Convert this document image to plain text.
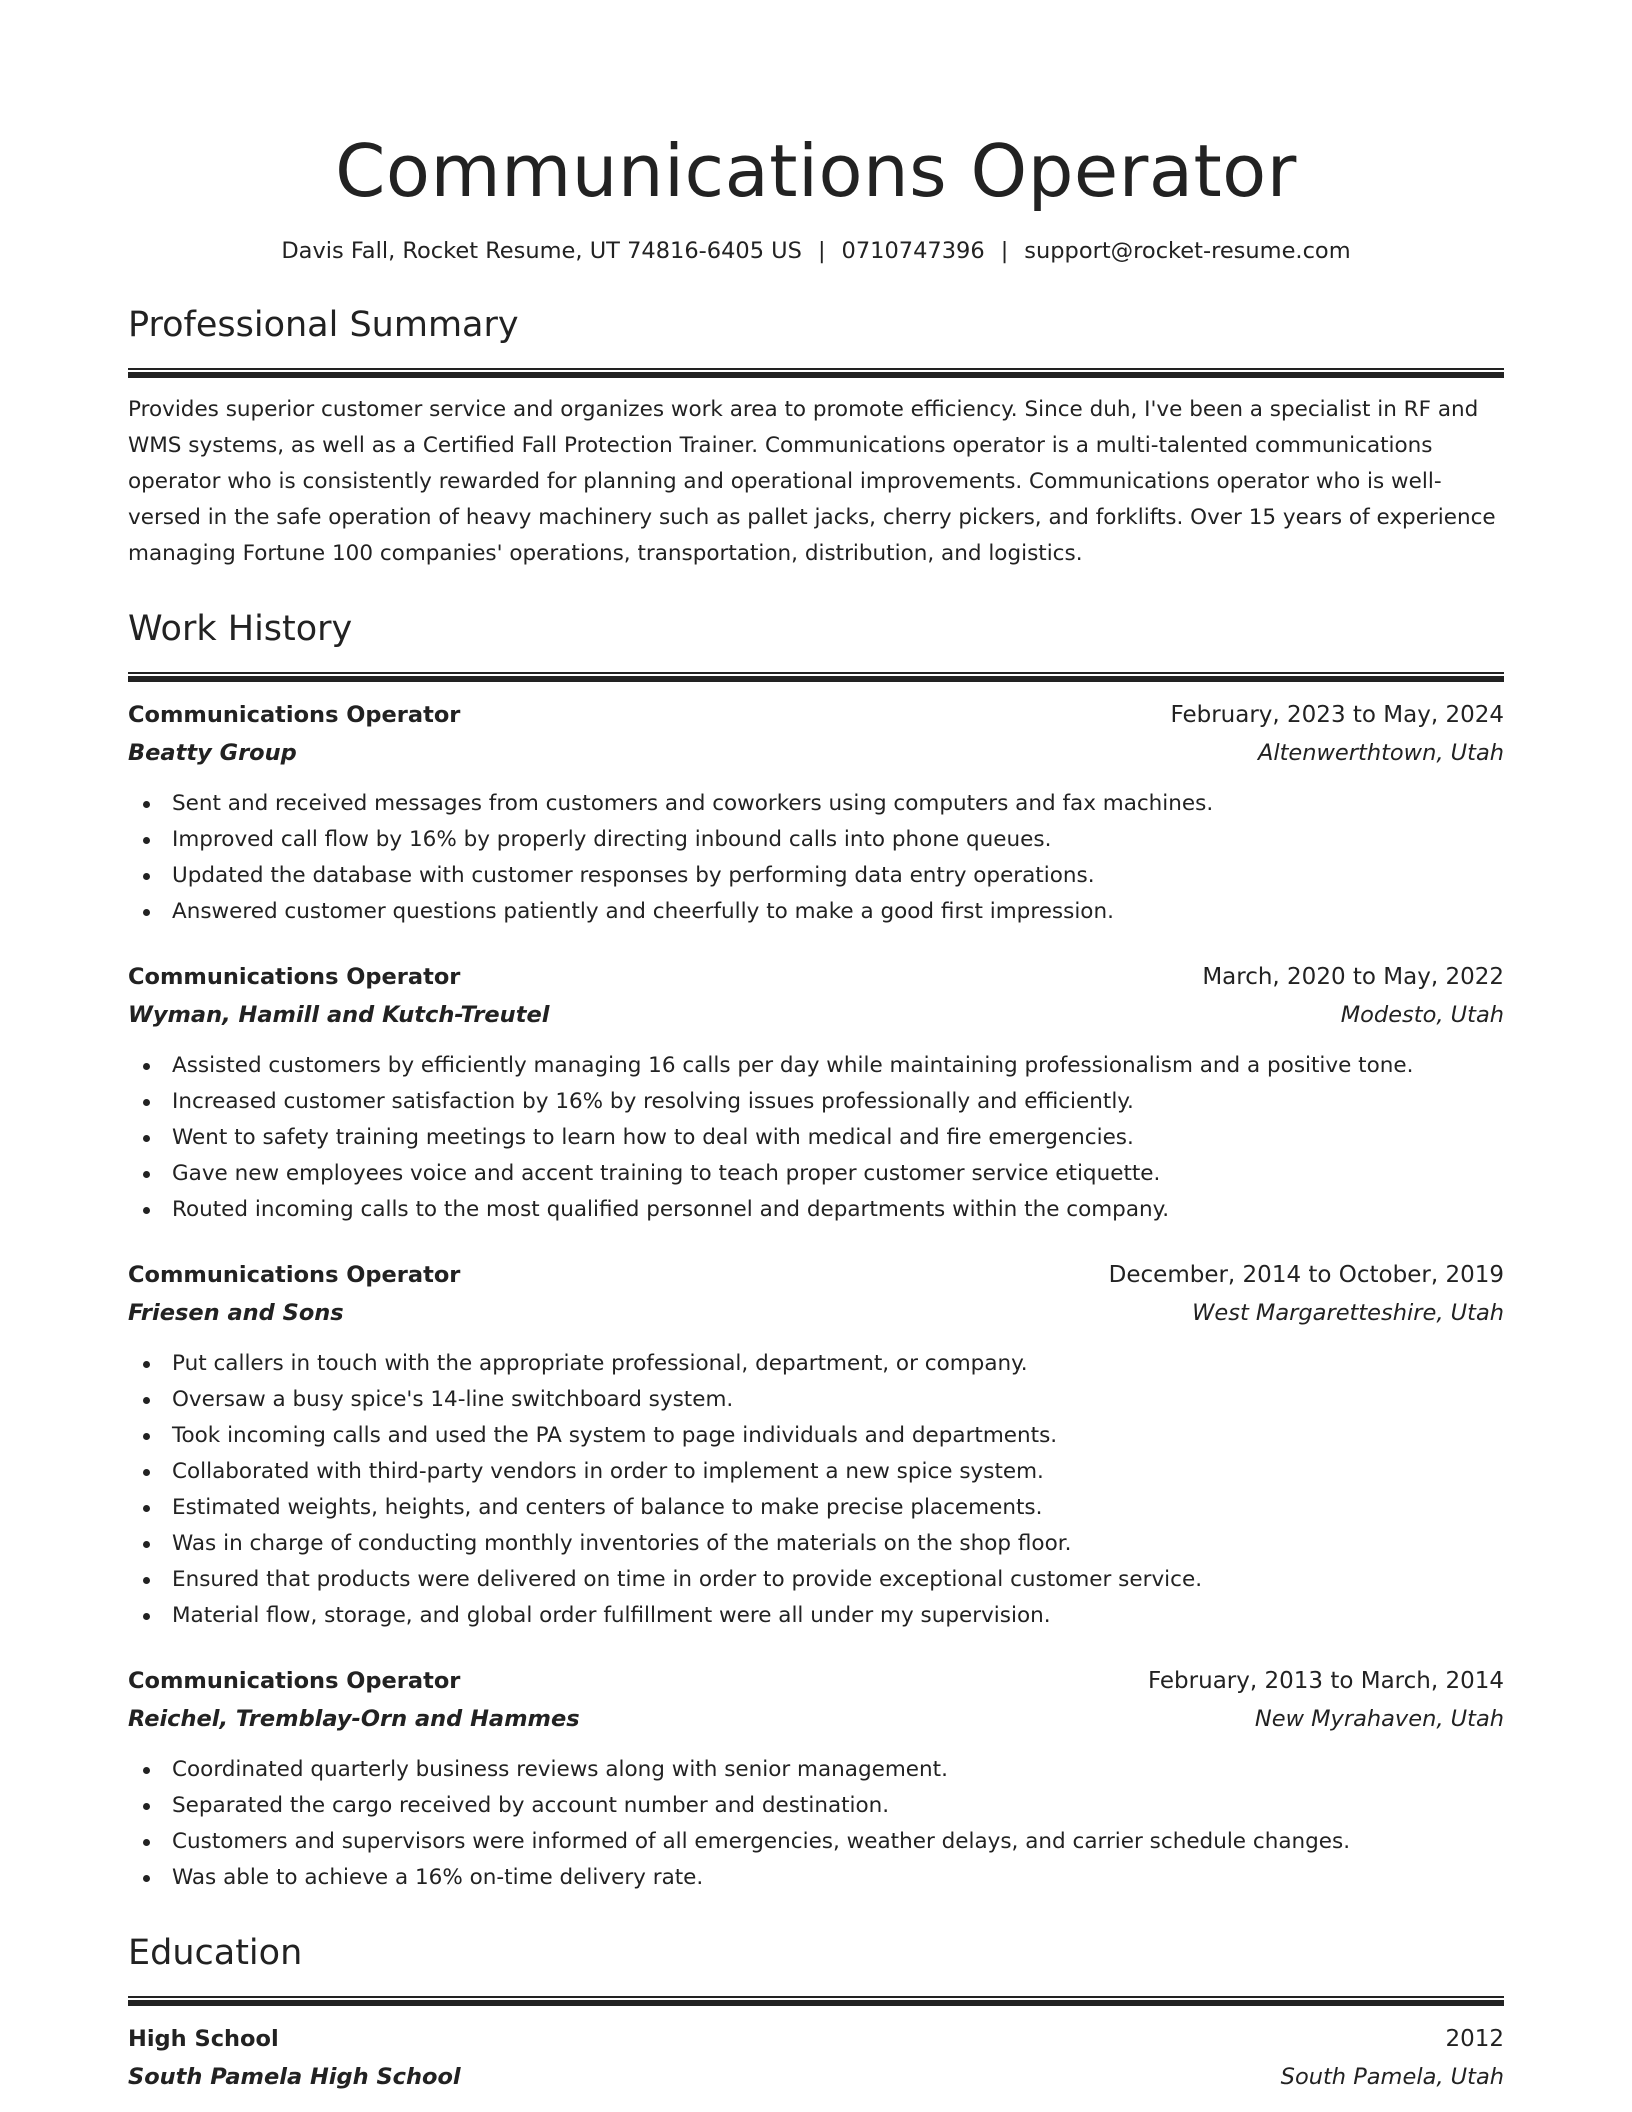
Communications Operator
Davis Fall, Rocket Resume, UT 74816-6405 US | 0710747396 | support@rocket-resume.com
Professional Summary

Provides superior customer service and organizes work area to promote efficiency. Since duh, I've been a specialist in RF and WMS systems, as well as a Certified Fall Protection Trainer. Communications operator is a multi-talented communications operator who is consistently rewarded for planning and operational improvements. Communications operator who is well-versed in the safe operation of heavy machinery such as pallet jacks, cherry pickers, and forklifts. Over 15 years of experience managing Fortune 100 companies' operations, transportation, distribution, and logistics.

Work History
Communications Operator	February, 2023 to May, 2024
Beatty Group	Altenwerthtown, Utah
Sent and received messages from customers and coworkers using computers and fax machines.
Improved call flow by 16% by properly directing inbound calls into phone queues.
Updated the database with customer responses by performing data entry operations.
Answered customer questions patiently and cheerfully to make a good first impression.
Communications Operator	March, 2020 to May, 2022
Wyman, Hamill and Kutch-Treutel	Modesto, Utah
Assisted customers by efficiently managing 16 calls per day while maintaining professionalism and a positive tone.
Increased customer satisfaction by 16% by resolving issues professionally and efficiently.
Went to safety training meetings to learn how to deal with medical and fire emergencies.
Gave new employees voice and accent training to teach proper customer service etiquette.
Routed incoming calls to the most qualified personnel and departments within the company.
Communications Operator	December, 2014 to October, 2019
Friesen and Sons	West Margaretteshire, Utah
Put callers in touch with the appropriate professional, department, or company.
Oversaw a busy spice's 14-line switchboard system.
Took incoming calls and used the PA system to page individuals and departments.
Collaborated with third-party vendors in order to implement a new spice system.
Estimated weights, heights, and centers of balance to make precise placements.
Was in charge of conducting monthly inventories of the materials on the shop floor.
Ensured that products were delivered on time in order to provide exceptional customer service.
Material flow, storage, and global order fulfillment were all under my supervision.
Communications Operator	February, 2013 to March, 2014
Reichel, Tremblay-Orn and Hammes	New Myrahaven, Utah
Coordinated quarterly business reviews along with senior management.
Separated the cargo received by account number and destination.
Customers and supervisors were informed of all emergencies, weather delays, and carrier schedule changes.
Was able to achieve a 16% on-time delivery rate.
Education
High School	2012
South Pamela High School	South Pamela, Utah
